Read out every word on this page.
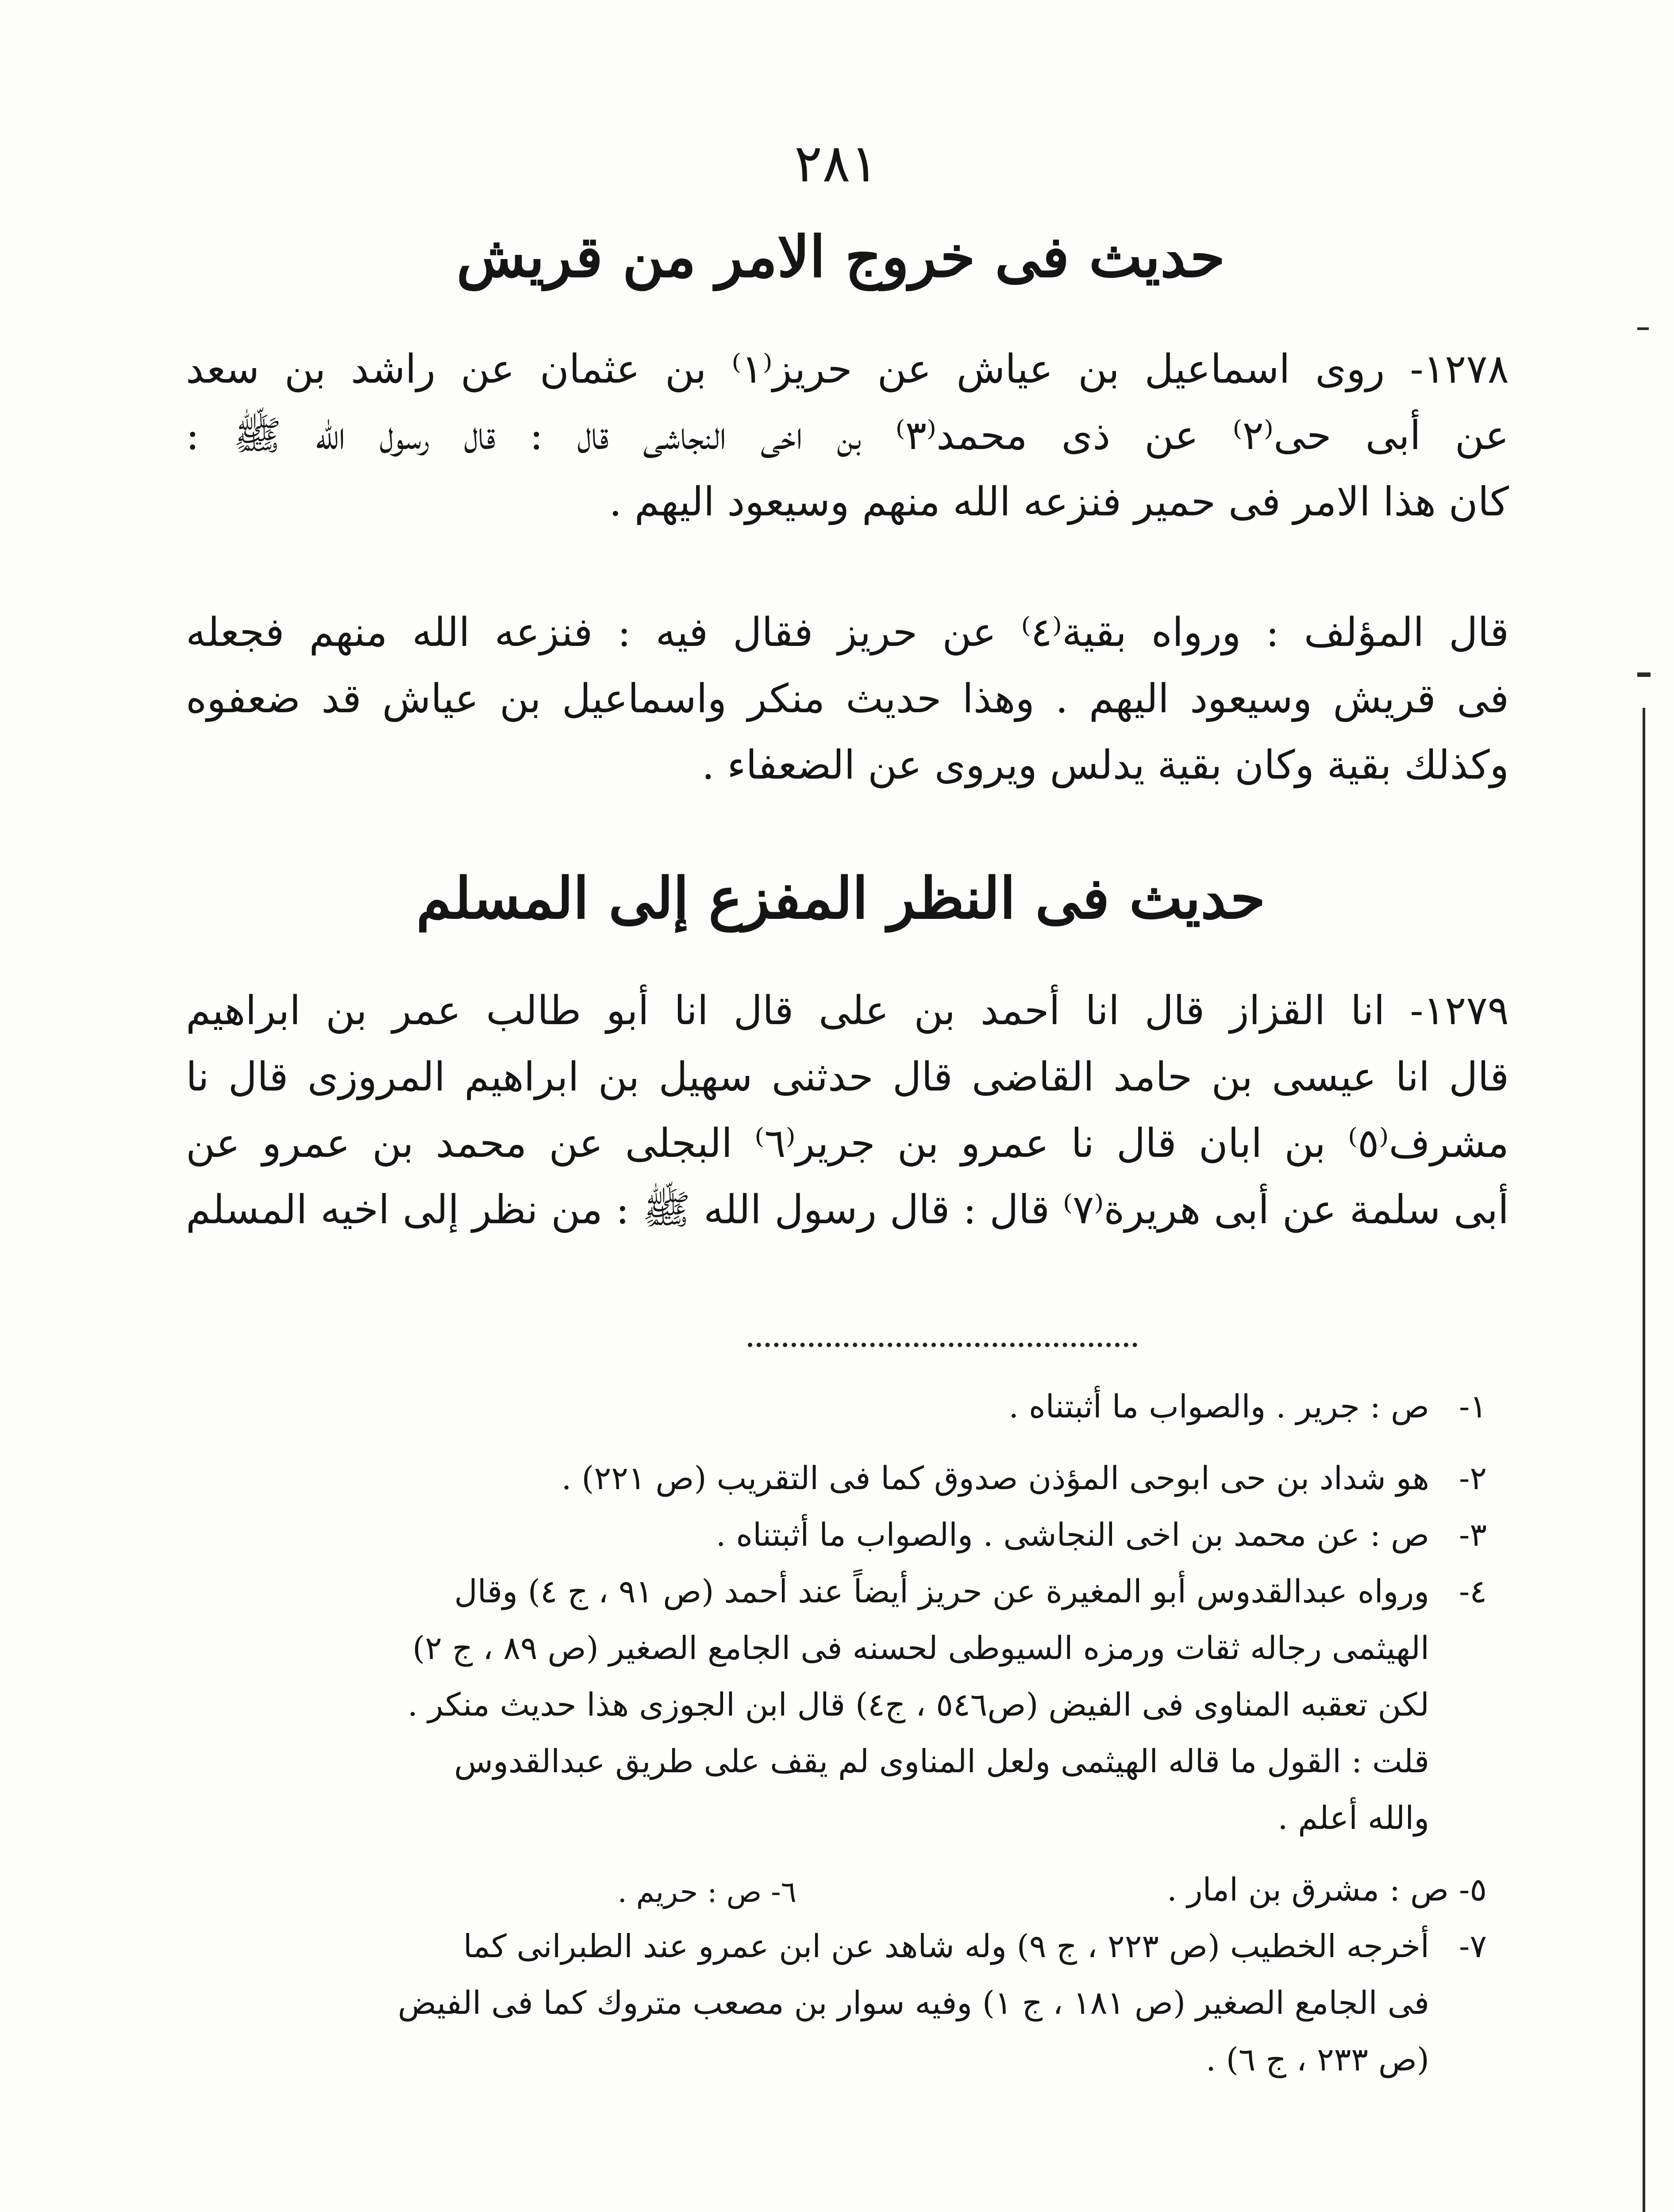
٢٨١
حديث فى خروج الامر من قريش
١٢٧٨- روى اسماعيل بن عياش عن حريز⁽١⁾ بن عثمان عن راشد بن سعد
عن أبى حى⁽٢⁾ عن ذى محمد⁽٣⁾ بن اخى النجاشى قال : قال رسول الله ﷺ :
كان هذا الامر فى حمير فنزعه الله منهم وسيعود اليهم .
قال المؤلف : ورواه بقية⁽٤⁾ عن حريز فقال فيه : فنزعه الله منهم فجعله
فى قريش وسيعود اليهم . وهذا حديث منكر واسماعيل بن عياش قد ضعفوه
وكذلك بقية وكان بقية يدلس ويروى عن الضعفاء .
حديث فى النظر المفزع إلى المسلم
١٢٧٩- انا القزاز قال انا أحمد بن على قال انا أبو طالب عمر بن ابراهيم
قال انا عيسى بن حامد القاضى قال حدثنى سهيل بن ابراهيم المروزى قال نا
مشرف⁽٥⁾ بن ابان قال نا عمرو بن جرير⁽٦⁾ البجلى عن محمد بن عمرو عن
أبى سلمة عن أبى هريرة⁽٧⁾ قال : قال رسول الله ﷺ : من نظر إلى اخيه المسلم
١-
ص : جرير . والصواب ما أثبتناه .
٢-
هو شداد بن حى ابوحى المؤذن صدوق كما فى التقريب (ص ٢٢١) .
٣-
ص : عن محمد بن اخى النجاشى . والصواب ما أثبتناه .
٤-
ورواه عبدالقدوس أبو المغيرة عن حريز أيضاً عند أحمد (ص ٩١ ، ج ٤) وقال
الهيثمى رجاله ثقات ورمزه السيوطى لحسنه فى الجامع الصغير (ص ٨٩ ، ج ٢)
لكن تعقبه المناوى فى الفيض (ص٥٤٦ ، ج٤) قال ابن الجوزى هذا حديث منكر .
قلت : القول ما قاله الهيثمى ولعل المناوى لم يقف على طريق عبدالقدوس
والله أعلم .
٥- ص : مشرق بن امار .
٦- ص : حريم .
٧-
أخرجه الخطيب (ص ٢٢٣ ، ج ٩) وله شاهد عن ابن عمرو عند الطبرانى كما
فى الجامع الصغير (ص ١٨١ ، ج ١) وفيه سوار بن مصعب متروك كما فى الفيض
(ص ٢٣٣ ، ج ٦) .
